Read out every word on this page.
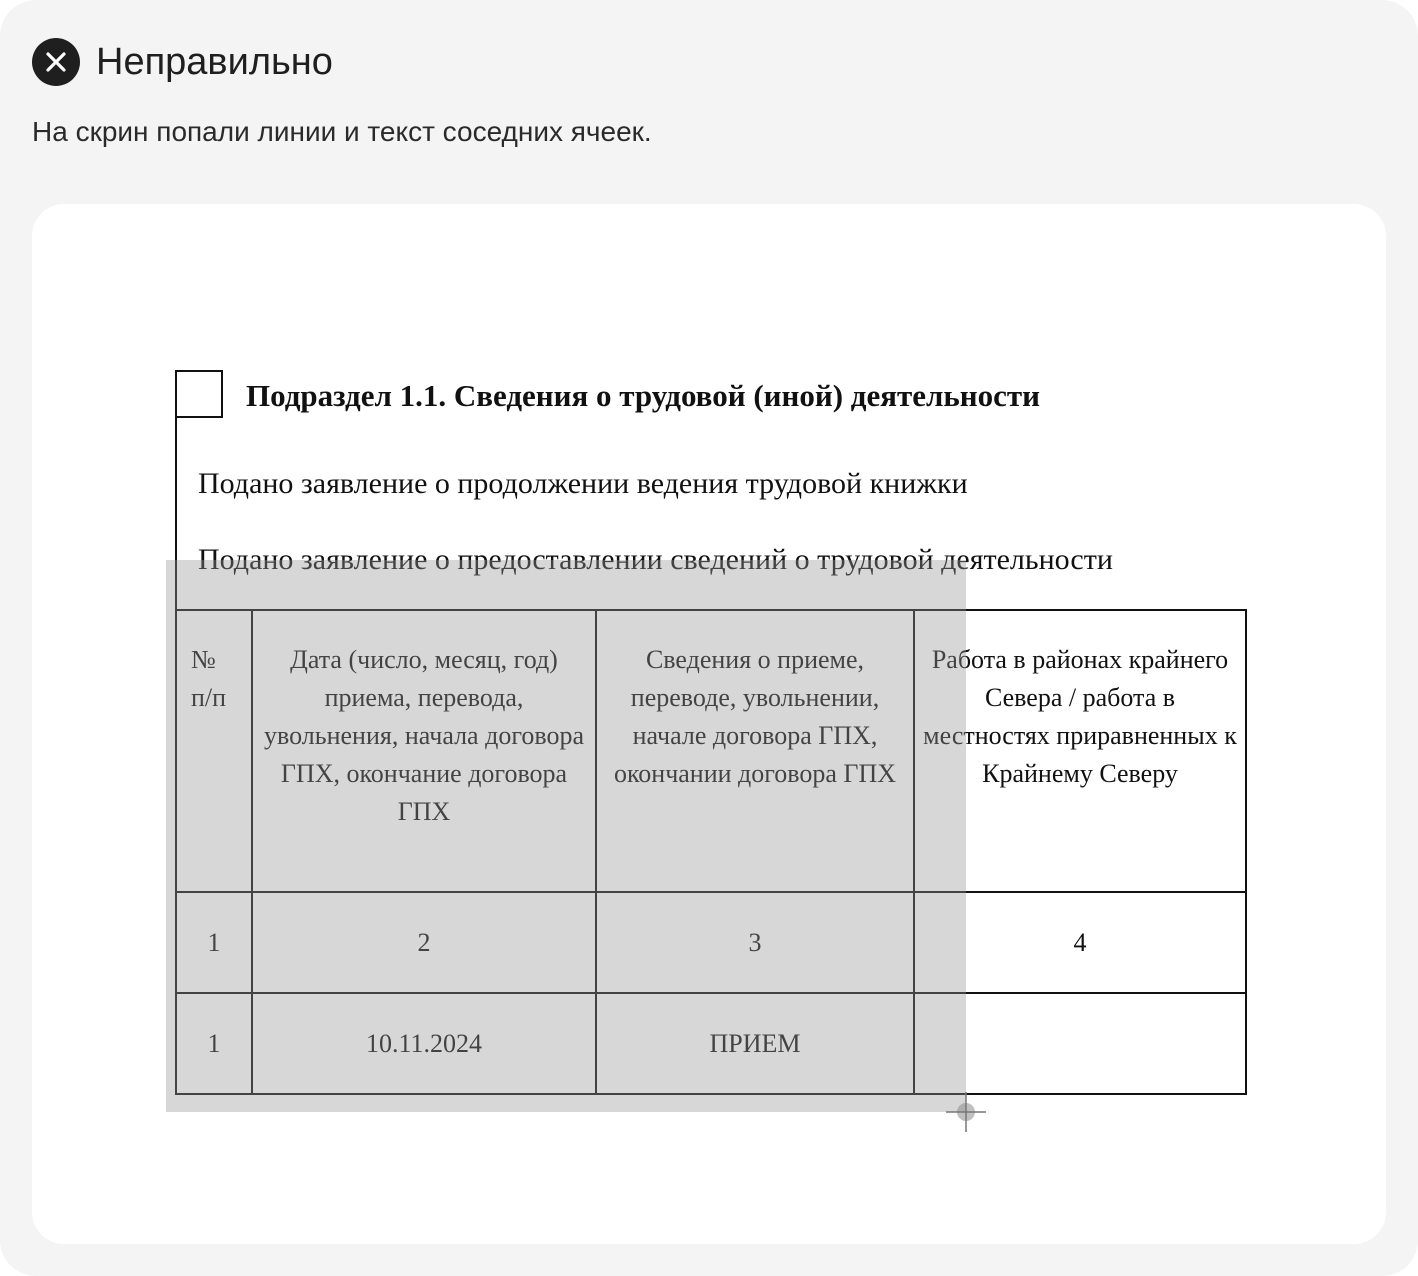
Неправильно
На скрин попали линии и текст соседних ячеек.
Подраздел 1.1. Сведения о трудовой (иной) деятельности
Подано заявление о продолжении ведения трудовой книжки
Подано заявление о предоставлении сведений о трудовой деятельности
№ п/п	Дата (число, месяц, год) приема, перевода, увольнения, начала договора ГПХ, окончание договора ГПХ	Сведения о приеме, переводе, увольнении, начале договора ГПХ, окончании договора ГПХ	Работа в районах крайнего Севера / работа в местностях приравненных к Крайнему Северу
1	2	3	4
1	10.11.2024	ПРИЕМ	
